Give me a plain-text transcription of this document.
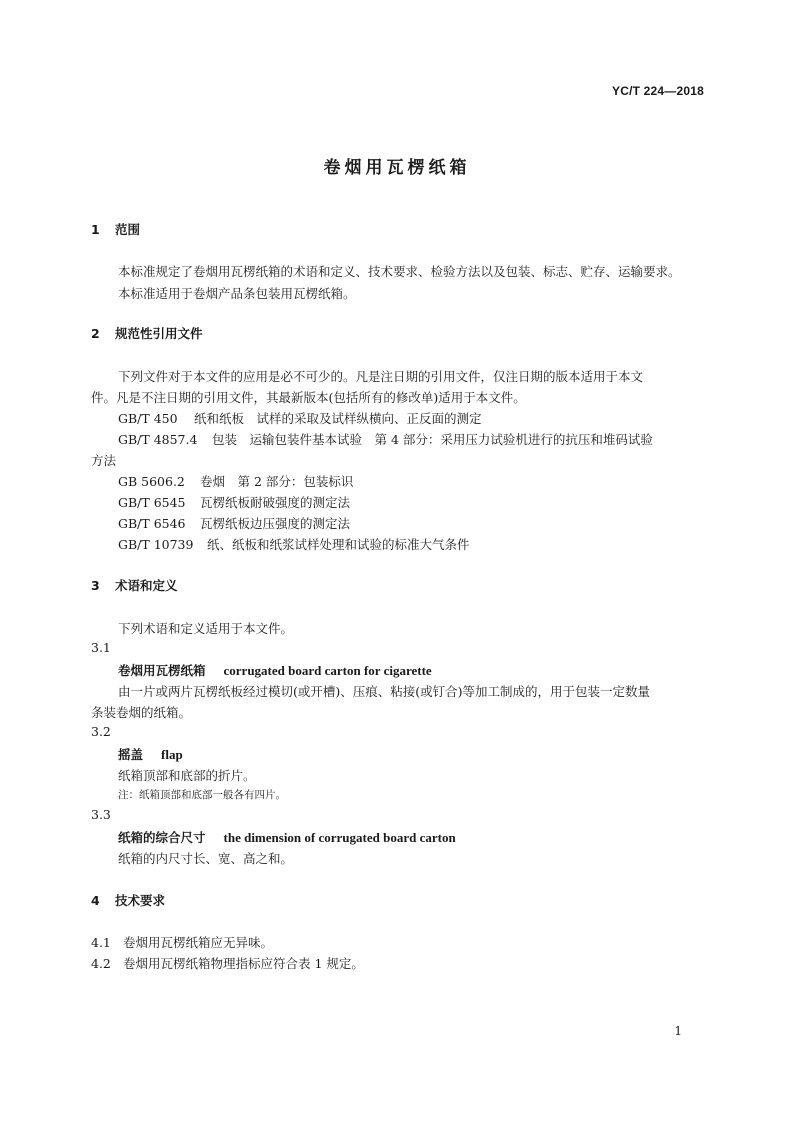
YC/T 224—2018
卷烟用瓦楞纸箱
1 范围
本标准规定了卷烟用瓦楞纸箱的术语和定义、技术要求、检验方法以及包装、标志、贮存、运输要求。
本标准适用于卷烟产品条包装用瓦楞纸箱。
2 规范性引用文件
下列文件对于本文件的应用是必不可少的。凡是注日期的引用文件，仅注日期的版本适用于本文
件。凡是不注日期的引用文件，其最新版本(包括所有的修改单)适用于本文件。
GB/T 450 纸和纸板　试样的采取及试样纵横向、正反面的测定
GB/T 4857.4 包装　运输包装件基本试验　第 4 部分：采用压力试验机进行的抗压和堆码试验
方法
GB 5606.2 卷烟　第 2 部分：包装标识
GB/T 6545 瓦楞纸板耐破强度的测定法
GB/T 6546 瓦楞纸板边压强度的测定法
GB/T 10739 纸、纸板和纸浆试样处理和试验的标准大气条件
3 术语和定义
下列术语和定义适用于本文件。
3.1
卷烟用瓦楞纸箱 corrugated board carton for cigarette
由一片或两片瓦楞纸板经过模切(或开槽)、压痕、粘接(或钉合)等加工制成的，用于包装一定数量
条装卷烟的纸箱。
3.2
摇盖 flap
纸箱顶部和底部的折片。
注：纸箱顶部和底部一般各有四片。
3.3
纸箱的综合尺寸 the dimension of corrugated board carton
纸箱的内尺寸长、宽、高之和。
4 技术要求
4.1 卷烟用瓦楞纸箱应无异味。
4.2 卷烟用瓦楞纸箱物理指标应符合表 1 规定。
1
